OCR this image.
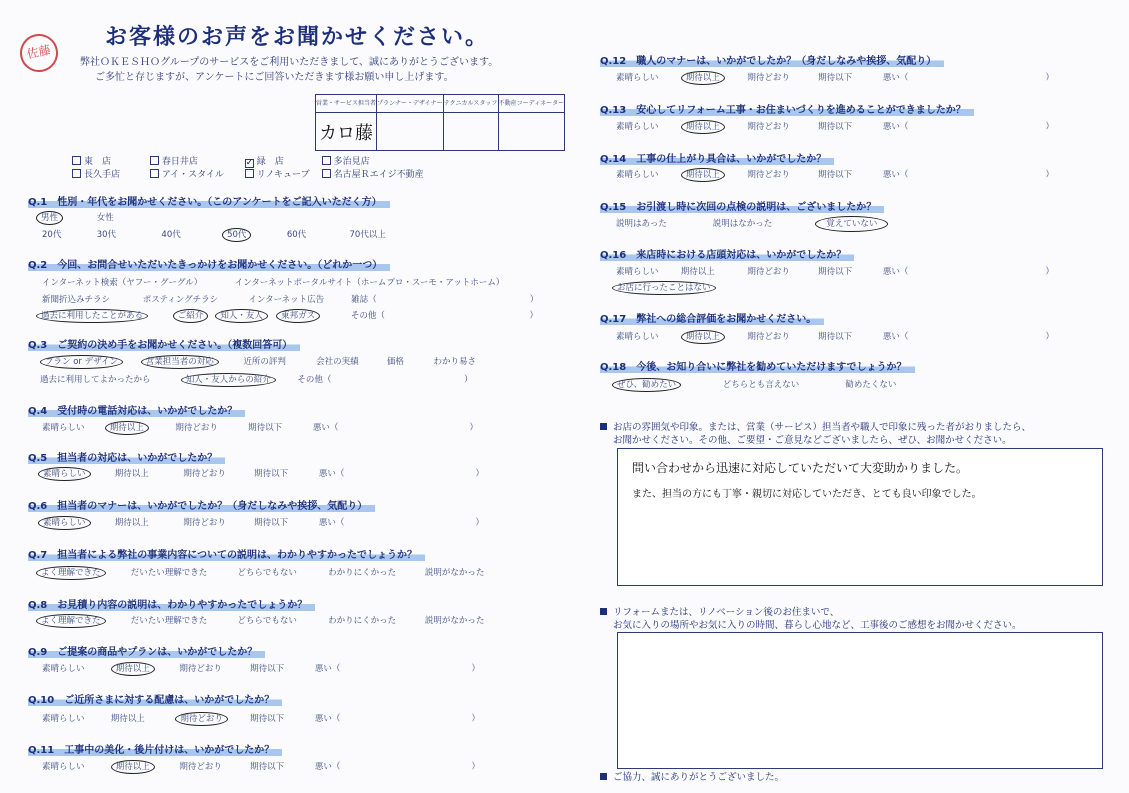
佐藤
お客様のお声をお聞かせください。
弊社ＯＫＥＳＨＯグループのサービスをご利用いただきまして、誠にありがとうございます。
ご多忙と存じますが、アンケートにご回答いただきます様お願い申し上げます。
営業・サービス担当者	プランナー・デザイナー	テクニカルスタッフ	不動産コーディネーター
カロ藤			
東　店	春日井店	✓ 緑　店	多治見店
長久手店	アイ・スタイル	リノキューブ	名古屋Ｒエイジ不動産
Q.1　性別・年代をお聞かせください。（このアンケートをご記入いただく方）
男性	女性
20代	30代	40代	50代	60代	70代以上
Q.2　今回、お問合せいただいたきっかけをお聞かせください。（どれか一つ）
インターネット検索（ヤフー・グーグル）	インターネットポータルサイト（ホームプロ・スーモ・アットホーム）
新聞折込みチラシ	ポスティングチラシ	インターネット広告	雑誌（	）
過去に利用したことがある	ご紹介 知人・友人 東邦ガス	その他（	）
Q.3　ご契約の決め手をお聞かせください。（複数回答可）
プラン or デザイン	営業担当者の対応	近所の評判	会社の実績	価格	わかり易さ
過去に利用してよかったから	知人・友人からの紹介	その他（	）
Q.4　受付時の電話対応は、いかがでしたか？
素晴らしい	期待以上	期待どおり	期待以下	悪い（	）
Q.5　担当者の対応は、いかがでしたか？
素晴らしい	期待以上	期待どおり	期待以下	悪い（	）
Q.6　担当者のマナーは、いかがでしたか？（身だしなみや挨拶、気配り）
素晴らしい	期待以上	期待どおり	期待以下	悪い（	）
Q.7　担当者による弊社の事業内容についての説明は、わかりやすかったでしょうか？
よく理解できた	だいたい理解できた	どちらでもない	わかりにくかった	説明がなかった
Q.8　お見積り内容の説明は、わかりやすかったでしょうか？
よく理解できた	だいたい理解できた	どちらでもない	わかりにくかった	説明がなかった
Q.9　ご提案の商品やプランは、いかがでしたか？
素晴らしい	期待以上	期待どおり	期待以下	悪い（	）
Q.10　ご近所さまに対する配慮は、いかがでしたか？
素晴らしい	期待以上	期待どおり	期待以下	悪い（	）
Q.11　工事中の美化・後片付けは、いかがでしたか？
素晴らしい	期待以上	期待どおり	期待以下	悪い（	）
Q.12　職人のマナーは、いかがでしたか？（身だしなみや挨拶、気配り）
素晴らしい	期待以上	期待どおり	期待以下	悪い（	）
Q.13　安心してリフォーム工事・お住まいづくりを進めることができましたか？
素晴らしい	期待以上	期待どおり	期待以下	悪い（	）
Q.14　工事の仕上がり具合は、いかがでしたか？
素晴らしい	期待以上	期待どおり	期待以下	悪い（	）
Q.15　お引渡し時に次回の点検の説明は、ございましたか？
説明はあった	説明はなかった	覚えていない
Q.16　来店時における店頭対応は、いかがでしたか？
素晴らしい	期待以上	期待どおり	期待以下	悪い（	）
お店に行ったことはない
Q.17　弊社への総合評価をお聞かせください。
素晴らしい	期待以上	期待どおり	期待以下	悪い（	）
Q.18　今後、お知り合いに弊社を勧めていただけますでしょうか？
ぜひ、勧めたい	どちらとも言えない	勧めたくない
お店の雰囲気や印象。または、営業（サービス）担当者や職人で印象に残った者がおりましたら、
お聞かせください。その他、ご要望・ご意見などございましたら、ぜひ、お聞かせください。
問い合わせから迅速に対応していただいて大変助かりました。
また、担当の方にも丁寧・親切に対応していただき、とても良い印象でした。
リフォームまたは、リノベーション後のお住まいで、
お気に入りの場所やお気に入りの時間、暮らし心地など、工事後のご感想をお聞かせください。
ご協力、誠にありがとうございました。
